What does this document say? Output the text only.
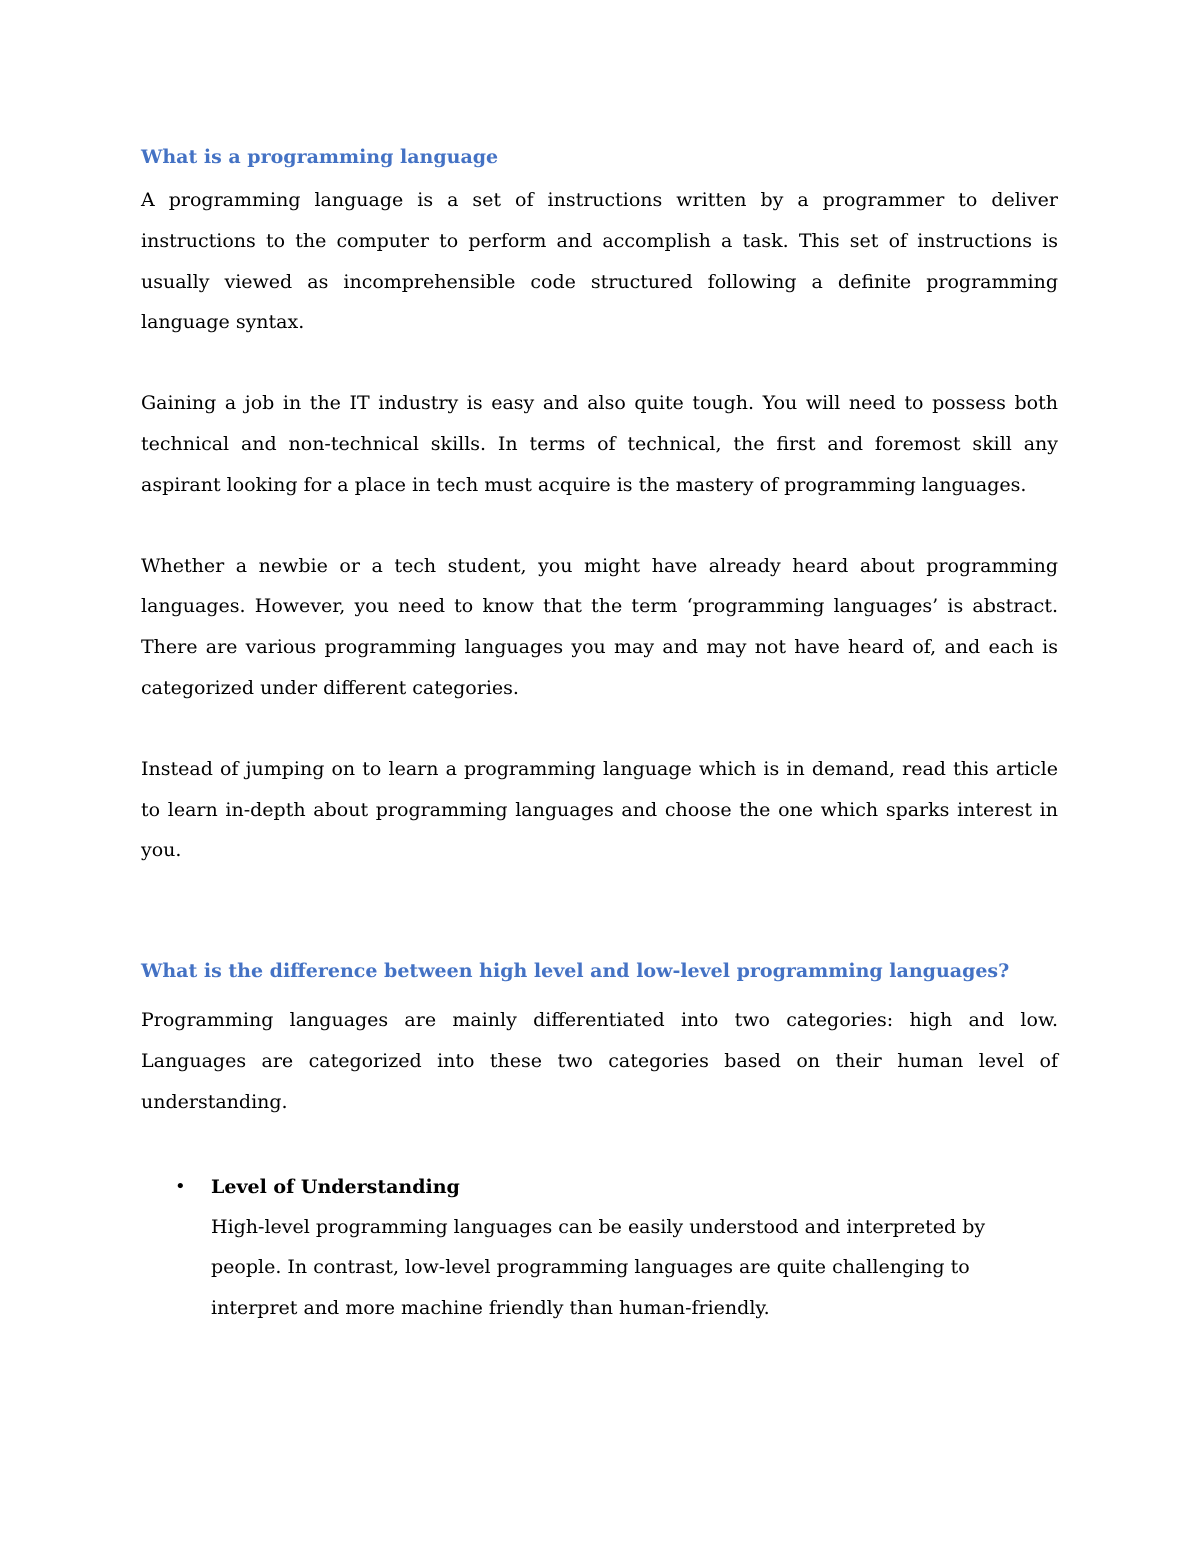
What is a programming language

A programming language is a set of instructions written by a programmer to deliver instructions to the computer to perform and accomplish a task. This set of instructions is usually viewed as incomprehensible code structured following a definite programming language syntax.

Gaining a job in the IT industry is easy and also quite tough. You will need to possess both technical and non-technical skills. In terms of technical, the first and foremost skill any aspirant looking for a place in tech must acquire is the mastery of programming languages.

Whether a newbie or a tech student, you might have already heard about programming languages. However, you need to know that the term ‘programming languages’ is abstract. There are various programming languages you may and may not have heard of, and each is categorized under different categories.

Instead of jumping on to learn a programming language which is in demand, read this article to learn in-depth about programming languages and choose the one which sparks interest in you.

What is the difference between high level and low-level programming languages?

Programming languages are mainly differentiated into two categories: high and low. Languages are categorized into these two categories based on their human level of understanding.

• Level of Understanding

High-level programming languages can be easily understood and interpreted by people. In contrast, low-level programming languages are quite challenging to interpret and more machine friendly than human-friendly.
